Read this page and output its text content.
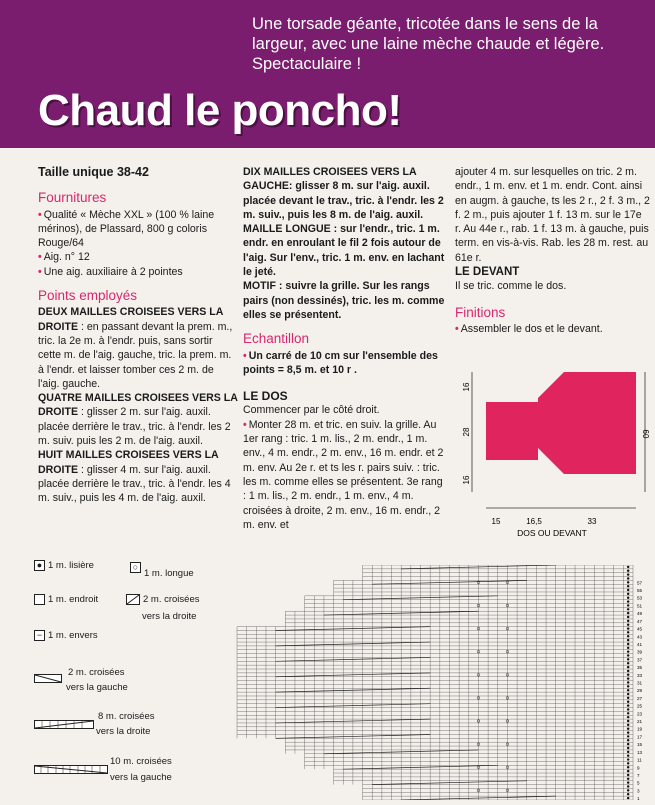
Une torsade géante, tricotée dans le sens de la largeur, avec une laine mèche chaude et légère. Spectaculaire !
Chaud le poncho!
Taille unique 38-42
Fournitures
• Qualité « Mèche XXL » (100 % laine mérinos), de Plassard, 800 g coloris Rouge/64
• Aig. n° 12
• Une aig. auxiliaire à 2 pointes
Points employés
DEUX MAILLES CROISEES VERS LA DROITE : en passant devant la prem. m., tric. la 2e m. à l'endr. puis, sans sortir cette m. de l'aig. gauche, tric. la prem. m. à l'endr. et laisser tomber ces 2 m. de l'aig. gauche.
QUATRE MAILLES CROISEES VERS LA DROITE : glisser 2 m. sur l'aig. auxil. placée derrière le trav., tric. à l'endr. les 2 m. suiv. puis les 2 m. de l'aig. auxil.
HUIT MAILLES CROISEES VERS LA DROITE : glisser 4 m. sur l'aig. auxil. placée derrière le trav., tric. à l'endr. les 4 m. suiv., puis les 4 m. de l'aig. auxil.
DIX MAILLES CROISEES VERS LA GAUCHE: glisser 8 m. sur l'aig. auxil. placée devant le trav., tric. à l'endr. les 2 m. suiv., puis les 8 m. de l'aig. auxil.
MAILLE LONGUE : sur l'endr., tric. 1 m. endr. en enroulant le fil 2 fois autour de l'aig. Sur l'env., tric. 1 m. env. en lachant le jeté.
MOTIF : suivre la grille. Sur les rangs pairs (non dessinés), tric. les m. comme elles se présentent.
Echantillon
• Un carré de 10 cm sur l'ensemble des points = 8,5 m. et 10 r .
LE DOS
Commencer par le côté droit.
• Monter 28 m. et tric. en suiv. la grille. Au 1er rang : tric. 1 m. lis., 2 m. endr., 1 m. env., 4 m. endr., 2 m. env., 16 m. endr. et 2 m. env. Au 2e r. et ts les r. pairs suiv. : tric. les m. comme elles se présentent. 3e rang : 1 m. lis., 2 m. endr., 1 m. env., 4 m. croisées à droite, 2 m. env., 16 m. endr., 2 m. env. et
ajouter 4 m. sur lesquelles on tric. 2 m. endr., 1 m. env. et 1 m. endr. Cont. ainsi en augm. à gauche, ts les 2 r., 2 f. 3 m., 2 f. 2 m., puis ajouter 1 f. 13 m. sur le 17e r. Au 44e r., rab. 1 f. 13 m. à gauche, puis term. en vis-à-vis. Rab. les 28 m. rest. au 61e r.
LE DEVANT
Il se tric. comme le dos.
Finitions
• Assembler le dos et le devant.
16
28
16
60
15	16,5	33
DOS OU DEVANT
● 1 m. lisière	○
1 m. longue
1 m. endroit	2 m. croisées
vers la droite
− 1 m. envers
2 m. croisées
vers la gauche
8 m. croisées
vers la droite
10 m. croisées
vers la gauche
1
3
5
7
9
11
13
15
17
19
21
23
25
27
29
31
33
35
37
39
41
43
45
47
49
51
53
55
57
